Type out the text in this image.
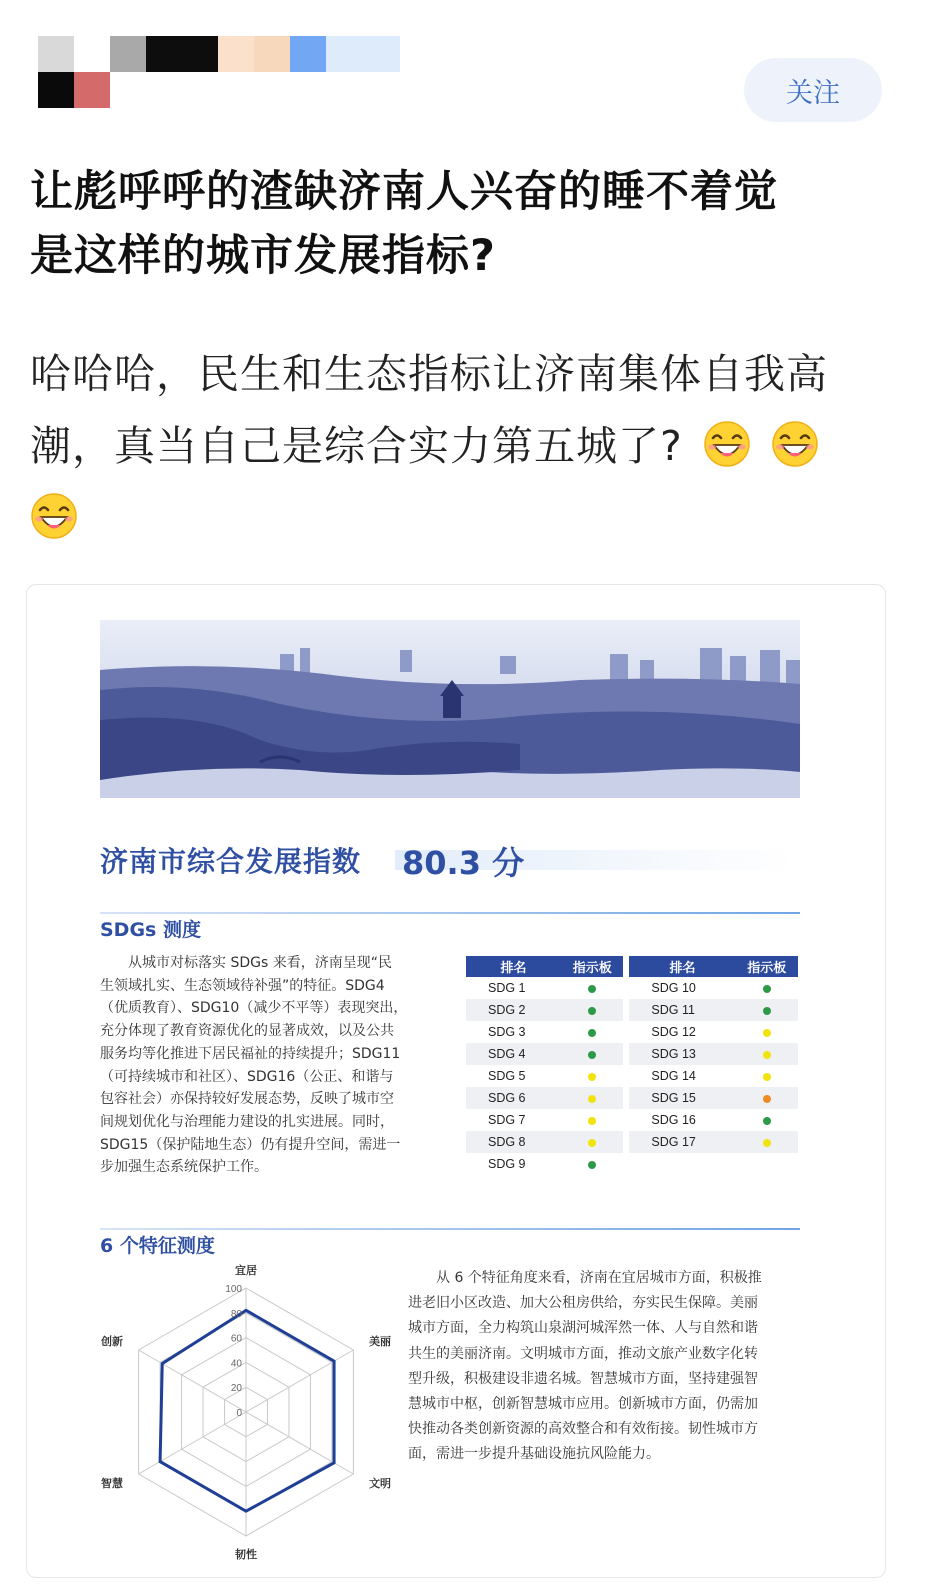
关注
让彪呼呼的渣缺济南人兴奋的睡不着觉
是这样的城市发展指标?
哈哈哈，民生和生态指标让济南集体自我高
潮，真当自己是综合实力第五城了?
济南市综合发展指数 80.3 分
SDGs 测度
从城市对标落实 SDGs 来看，济南呈现“民
生领域扎实、生态领域待补强”的特征。SDG4
（优质教育）、SDG10（减少不平等）表现突出，
充分体现了教育资源优化的显著成效，以及公共
服务均等化推进下居民福祉的持续提升；SDG11
（可持续城市和社区）、SDG16（公正、和谐与
包容社会）亦保持较好发展态势，反映了城市空
间规划优化与治理能力建设的扎实进展。同时，
SDG15（保护陆地生态）仍有提升空间，需进一
步加强生态系统保护工作。
排名	指示板		排名	指示板
SDG 1			SDG 10	
SDG 2			SDG 11	
SDG 3			SDG 12	
SDG 4			SDG 13	
SDG 5			SDG 14	
SDG 6			SDG 15	
SDG 7			SDG 16	
SDG 8			SDG 17	
SDG 9				
6 个特征测度
100
80
60
40
20
0
宜居
美丽
文明
韧性
智慧
创新
从 6 个特征角度来看，济南在宜居城市方面，积极推
进老旧小区改造、加大公租房供给，夯实民生保障。美丽
城市方面，全力构筑山泉湖河城浑然一体、人与自然和谐
共生的美丽济南。文明城市方面，推动文旅产业数字化转
型升级，积极建设非遗名城。智慧城市方面，坚持建强智
慧城市中枢，创新智慧城市应用。创新城市方面，仍需加
快推动各类创新资源的高效整合和有效衔接。韧性城市方
面，需进一步提升基础设施抗风险能力。
